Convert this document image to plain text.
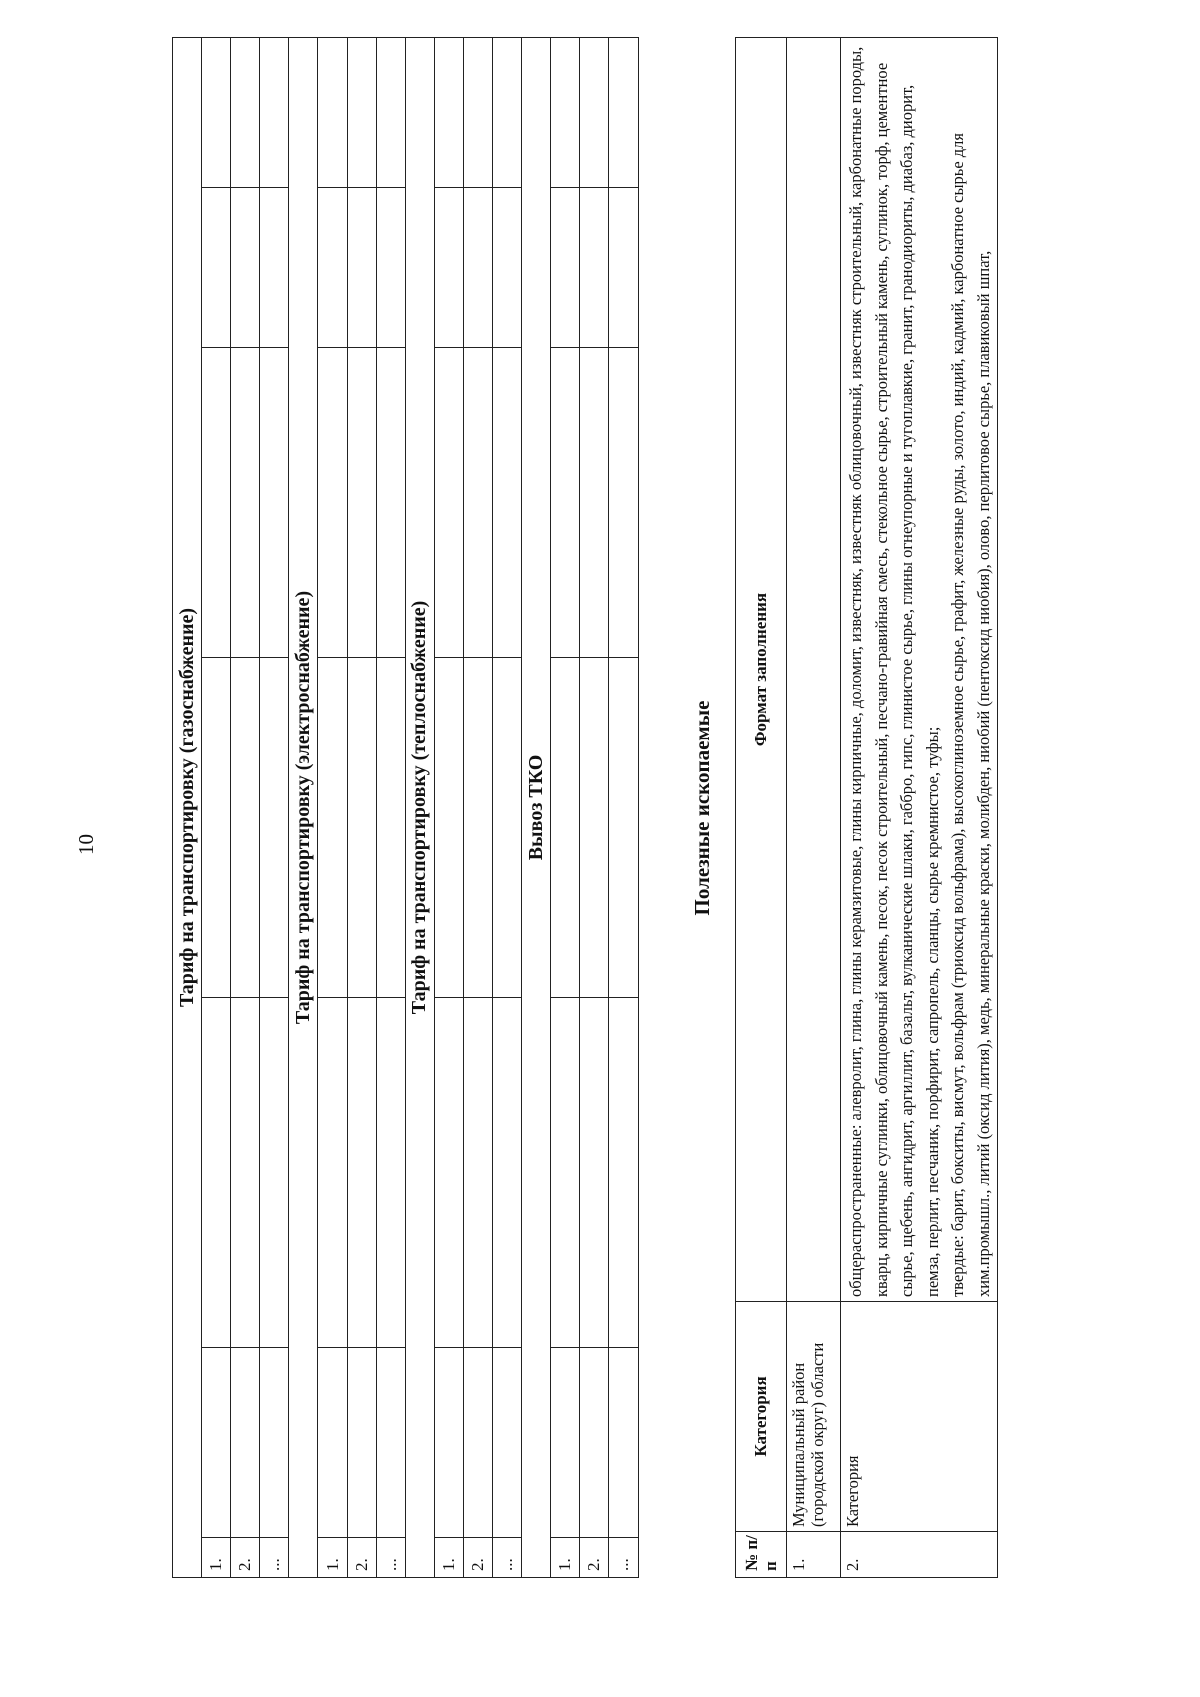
10	Тариф на транспортировку (газоснабжение)						
1.						
2.						
...						
Тариф на транспортировку (электроснабжение)						
1.						
2.						
...						
Тариф на транспортировку (теплоснабжение)						
1.						
2.						
...						
Вывоз ТКО						
1.						
2.						
...						
Полезные ископаемые
№ п/п	Категория	Формат заполнения
1.	Муниципальный район (городской округ) области	
2.	Категория	общераспространенные: алевролит, глина, глины керамзитовые, глины кирпичные, доломит, известняк, известняк облицовочный, известняк строительный, карбонатные породы, кварц, кирпичные суглинки, облицовочный камень, песок, песок строительный, песчано-гравийная смесь, стекольное сырье, строительный камень, суглинок, торф, цементное сырье, щебень, ангидрит, аргиллит, базальт, вулканические шлаки, габбро, гипс, глинистое сырье, глины огнеупорные и тугоплавкие, гранит, гранодиориты, диабаз, диорит, пемза, перлит, песчаник, порфирит, сапропель, сланцы, сырье кремнистое, туфы; твердые: барит, бокситы, висмут, вольфрам (триоксид вольфрама), высокоглиноземное сырье, графит, железные руды, золото, индий, кадмий, карбонатное сырье для хим.промышл., литий (оксид лития), медь, минеральные краски, молибден, ниобий (пентоксид ниобия), олово, перлитовое сырье, плавиковый шпат,
